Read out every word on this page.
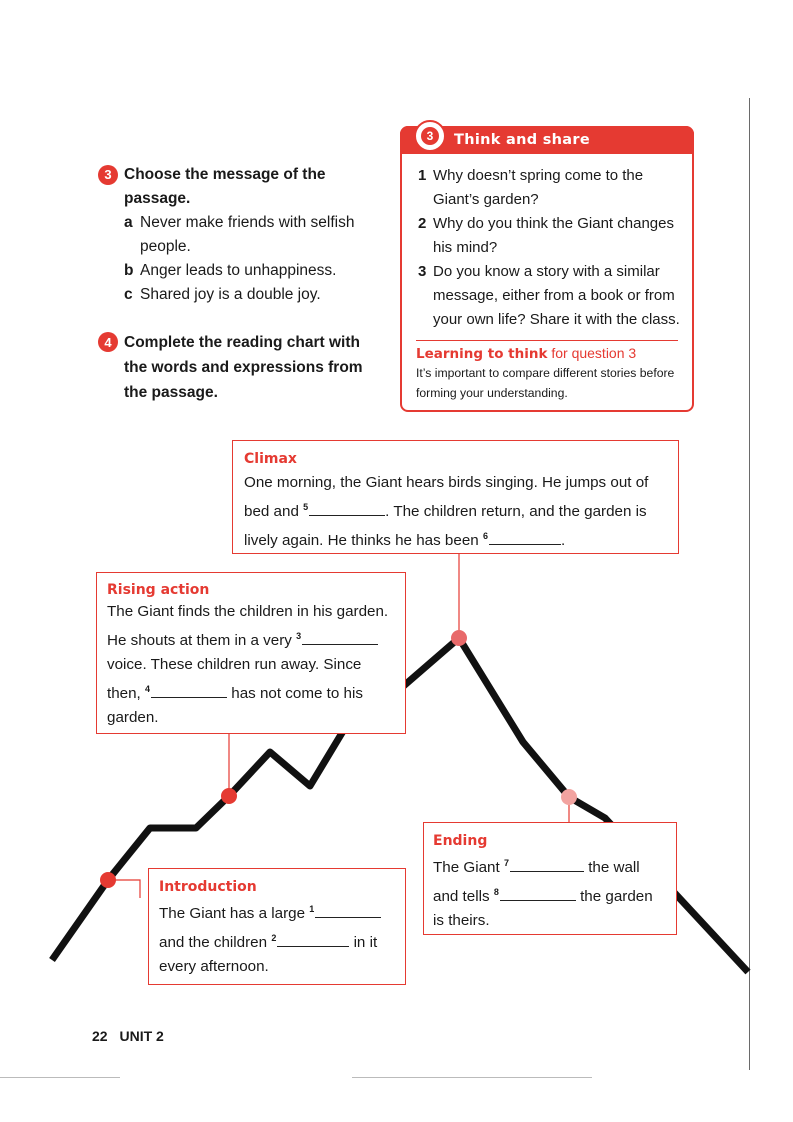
3 Choose the message of the passage.
a Never make friends with selfish people.
b Anger leads to unhappiness.
c Shared joy is a double joy.
4 Complete the reading chart with the words and expressions from the passage.
3	Think and share
1 Why doesn’t spring come to the Giant’s garden?
2 Why do you think the Giant changes his mind?
3 Do you know a story with a similar message, either from a book or from your own life? Share it with the class.
Learning to think for question 3
It’s important to compare different stories before forming your understanding.
Climax
One morning, the Giant hears birds singing. He jumps out of
bed and $^5$	. The children return, and the garden is
lively again. He thinks he has been $^6$	.
Rising action
The Giant finds the children in his garden.
He shouts at them in a very $^3$
voice. These children run away. Since
then, $^4$	has not come to his
garden.
Introduction
The Giant has a large $^1$
and the children $^2$	in it
every afternoon.
Ending
The Giant $^7$	the wall
and tells $^8$	the garden
is theirs.
22 UNIT 2
